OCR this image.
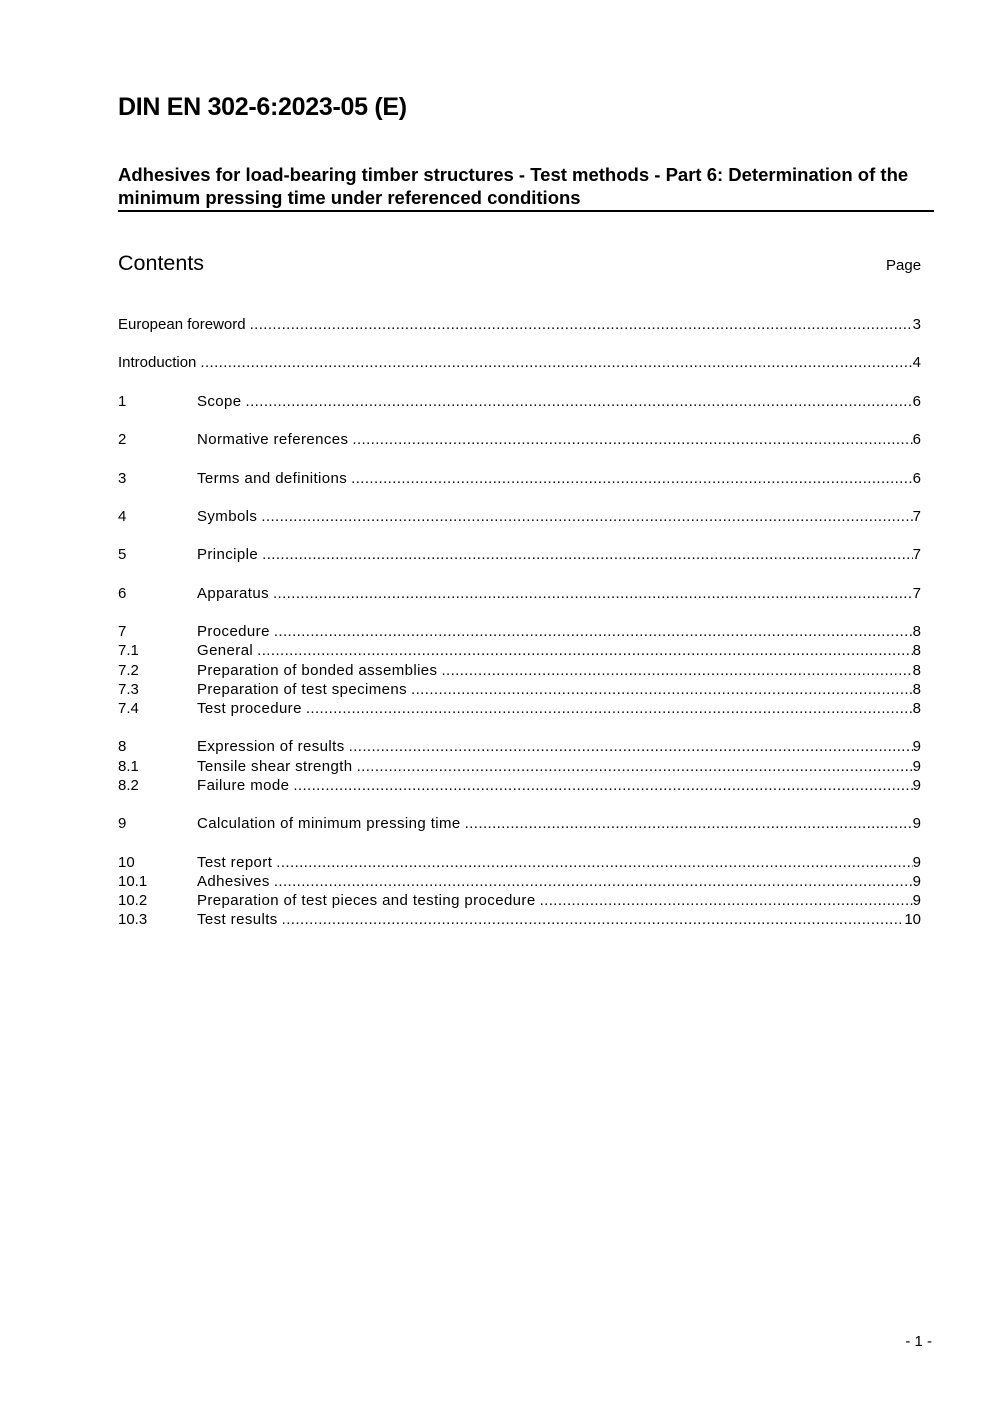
DIN EN 302-6:2023-05 (E)
Adhesives for load-bearing timber structures - Test methods - Part 6: Determination of the minimum pressing time under referenced conditions
Contents	Page
European foreword .....	3
Introduction .....	4
1	Scope .....	6
2	Normative references .....	6
3	Terms and definitions .....	6
4	Symbols .....	7
5	Principle .....	7
6	Apparatus .....	7
7	Procedure .....	8
7.1	General .....	8
7.2	Preparation of bonded assemblies .....	8
7.3	Preparation of test specimens .....	8
7.4	Test procedure .....	8
8	Expression of results .....	9
8.1	Tensile shear strength .....	9
8.2	Failure mode .....	9
9	Calculation of minimum pressing time .....	9
10	Test report .....	9
10.1	Adhesives .....	9
10.2	Preparation of test pieces and testing procedure .....	9
10.3	Test results .....	10
- 1 -
